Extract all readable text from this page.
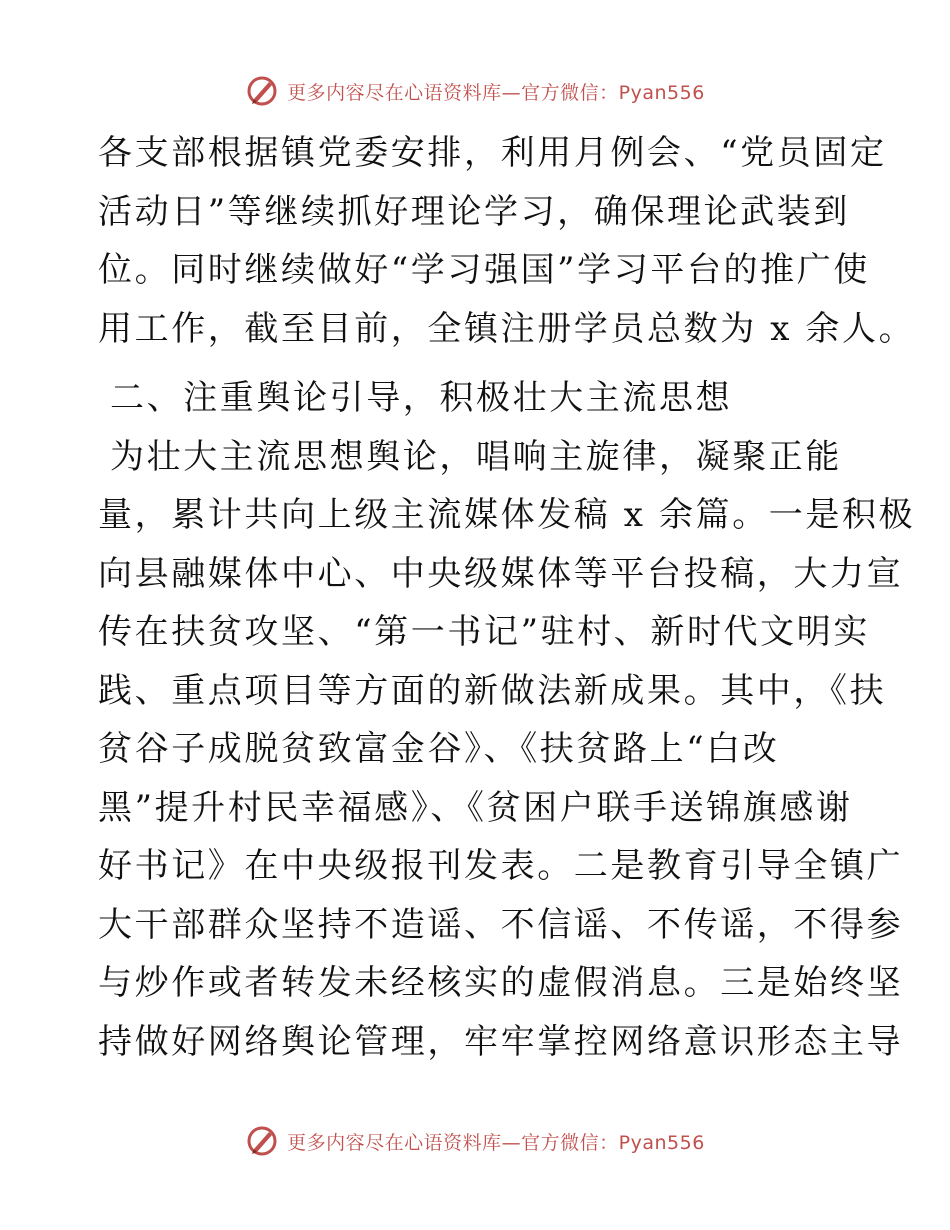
更多内容尽在心语资料库—官方微信：Pyan556
各支部根据镇党委安排，利用月例会、“党员固定
活动日”等继续抓好理论学习，确保理论武装到
位。同时继续做好“学习强国”学习平台的推广使
用工作，截至目前，全镇注册学员总数为 x 余人。
二、注重舆论引导，积极壮大主流思想
为壮大主流思想舆论，唱响主旋律，凝聚正能
量，累计共向上级主流媒体发稿 x 余篇。一是积极
向县融媒体中心、中央级媒体等平台投稿，大力宣
传在扶贫攻坚、“第一书记”驻村、新时代文明实
践、重点项目等方面的新做法新成果。其中，《扶
贫谷子成脱贫致富金谷》、《扶贫路上“白改
黑”提升村民幸福感》、《贫困户联手送锦旗感谢
好书记》在中央级报刊发表。二是教育引导全镇广
大干部群众坚持不造谣、不信谣、不传谣，不得参
与炒作或者转发未经核实的虚假消息。三是始终坚
持做好网络舆论管理，牢牢掌控网络意识形态主导
更多内容尽在心语资料库—官方微信：Pyan556
